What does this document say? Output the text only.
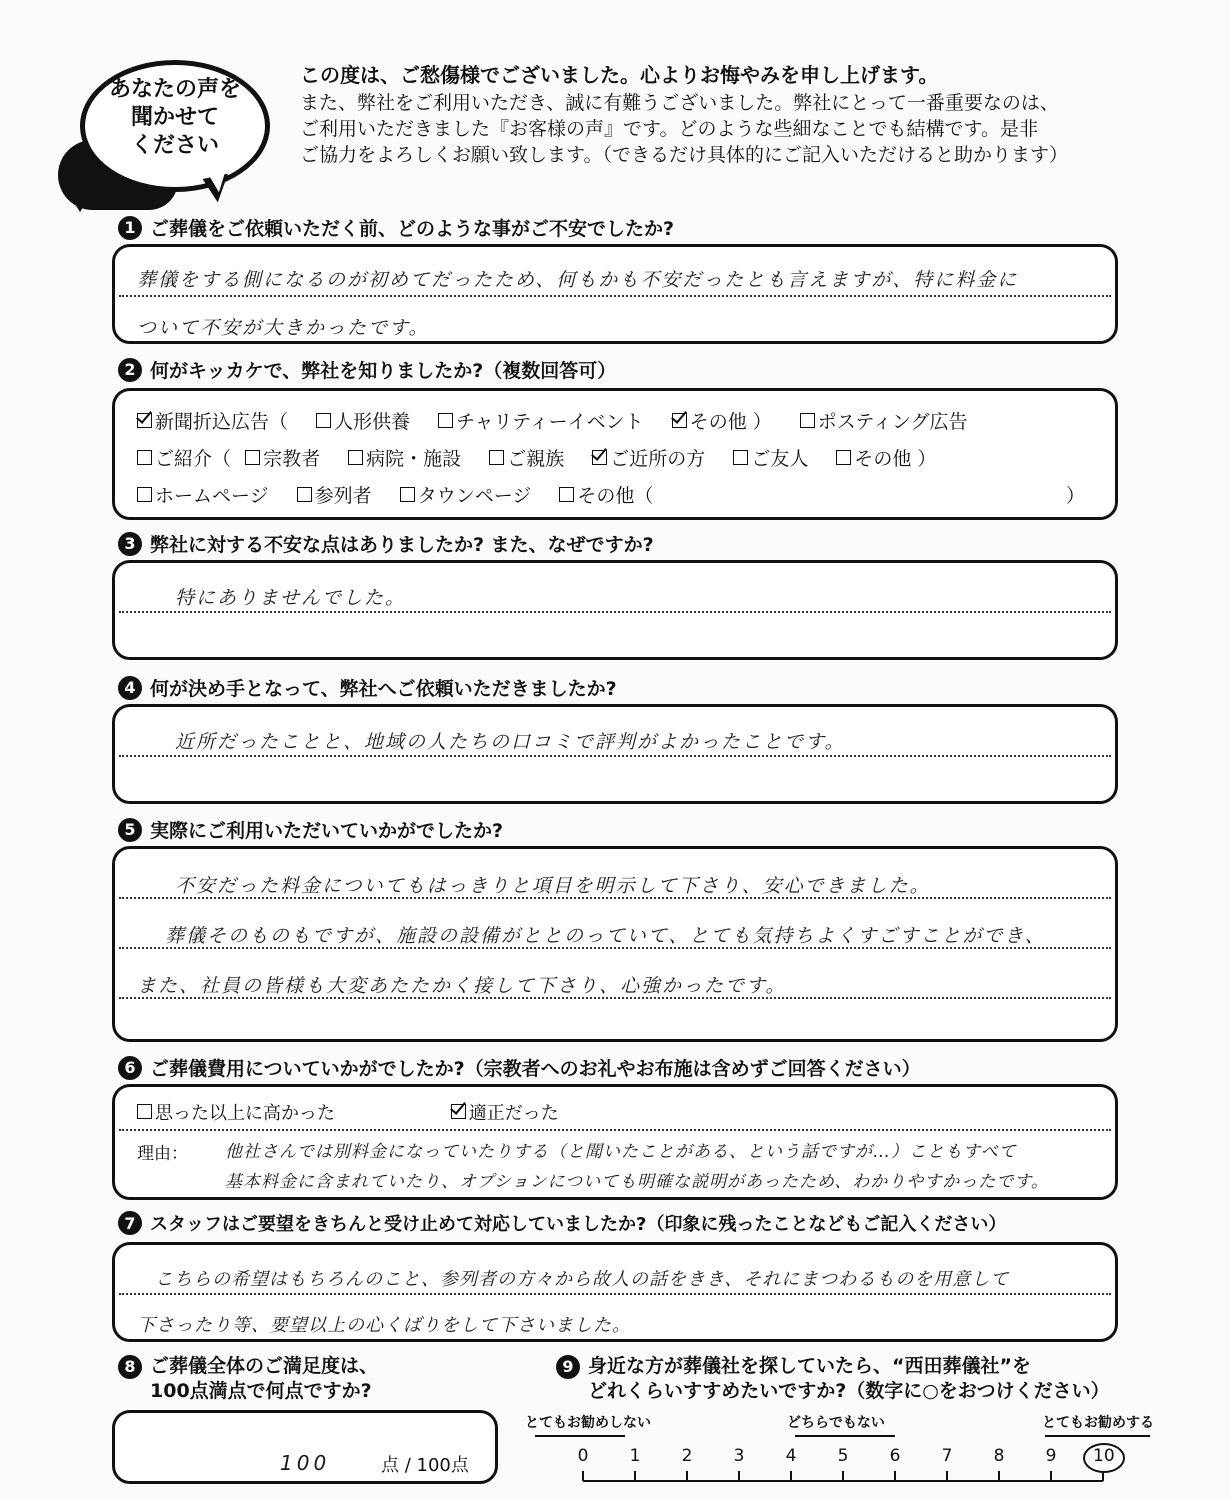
あなたの声を
聞かせて
ください
この度は、ご愁傷様でございました。心よりお悔やみを申し上げます。
また、弊社をご利用いただき、誠に有難うございました。弊社にとって一番重要なのは、
ご利用いただきました『お客様の声』です。どのような些細なことでも結構です。是非
ご協力をよろしくお願い致します。（できるだけ具体的にご記入いただけると助かります）
1 ご葬儀をご依頼いただく前、どのような事がご不安でしたか?
葬儀をする側になるのが初めてだったため、何もかも不安だったとも言えますが、特に料金に
ついて不安が大きかったです。
2 何がキッカケで、弊社を知りましたか?（複数回答可）
新聞折込広告（ 人形供養 チャリティーイベント その他 ） ポスティング広告
ご紹介（ 宗教者 病院・施設 ご親族 ご近所の方 ご友人 その他 ）
ホームページ 参列者 タウンページ その他（	）
3 弊社に対する不安な点はありましたか? また、なぜですか?
特にありませんでした。
4 何が決め手となって、弊社へご依頼いただきましたか?
近所だったことと、地域の人たちの口コミで評判がよかったことです。
5 実際にご利用いただいていかがでしたか?
不安だった料金についてもはっきりと項目を明示して下さり、安心できました。
葬儀そのものもですが、施設の設備がととのっていて、とても気持ちよくすごすことができ、
また、社員の皆様も大変あたたかく接して下さり、心強かったです。
6 ご葬儀費用についていかがでしたか?（宗教者へのお礼やお布施は含めずご回答ください）
思った以上に高かった	適正だった
理由： 他社さんでは別料金になっていたりする（と聞いたことがある、という話ですが…）こともすべて
基本料金に含まれていたり、オプションについても明確な説明があったため、わかりやすかったです。
7 スタッフはご要望をきちんと受け止めて対応していましたか?（印象に残ったことなどもご記入ください）
こちらの希望はもちろんのこと、参列者の方々から故人の話をきき、それにまつわるものを用意して
下さったり等、要望以上の心くばりをして下さいました。
8 ご葬儀全体のご満足度は、
100点満点で何点ですか?
100	点 / 100点
9 身近な方が葬儀社を探していたら、“西田葬儀社”を
どれくらいすすめたいですか?（数字に○をおつけください）
とてもお勧めしない	どちらでもない	とてもお勧めする
0 1 2 3 4 5 6 7 8 9 10
